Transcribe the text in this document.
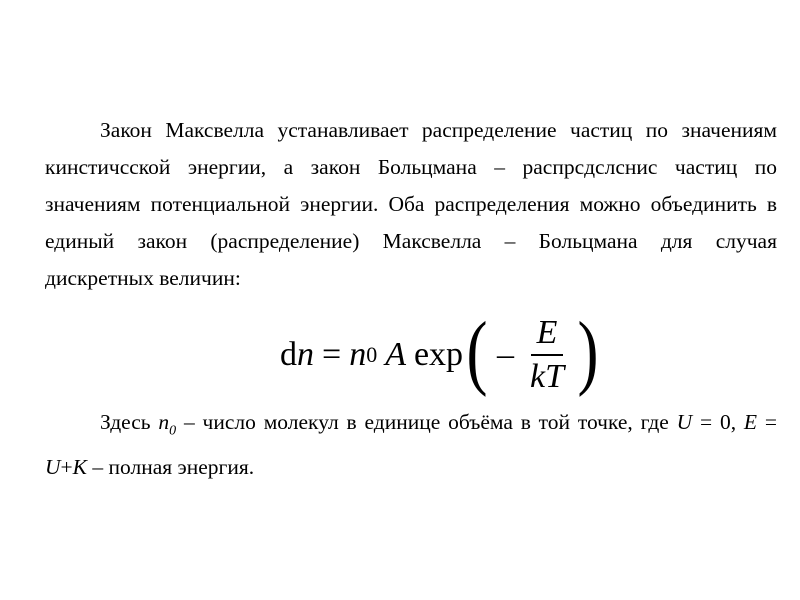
Закон Максвелла устанавливает распределение частиц по значениям
кинстичсской энергии, а закон Больцмана – распрсдслснис частиц по
значениям потенциальной энергии. Оба распределения можно объединить в
единый закон (распределение) Максвелла – Больцмана для случая
дискретных величин:
d n = n 0 A exp ( – $\frac{E}{kT}$ )
Здесь $n_0$ – число молекул в единице объёма в той точке, где U = 0, E =
U+K – полная энергия.
